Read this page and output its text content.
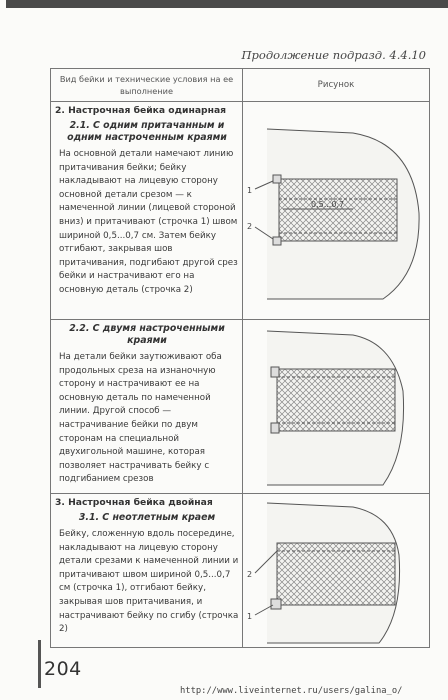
Продолжение подразд. 4.4.10
Вид бейки и технические условия на ее выполнение
Рисунок
2. Настрочная бейка одинарная
2.1. С одним притачанным и одним настроченным краями
На основной детали намечают линию притачивания бейки; бейку накладывают на лицевую сторону основной детали срезом — к намеченной линии (лицевой стороной вниз) и притачивают (строчка 1) швом шириной 0,5...0,7 см. Затем бейку отгибают, закрывая шов притачивания, подгибают другой срез бейки и настрачивают его на основную деталь (строчка 2)
2.2. С двумя настроченными краями
На детали бейки заутюживают оба продольных среза на изнаночную сторону и настрачивают ее на основную деталь по намеченной линии. Другой способ — настрачивание бейки по двум сторонам на специальной двухигольной машине, которая позволяет настрачивать бейку с подгибанием срезов
3. Настрочная бейка двойная
3.1. С неотлетным краем
Бейку, сложенную вдоль посередине, накладывают на лицевую сторону детали срезами к намеченной линии и притачивают швом шириной 0,5...0,7 см (строчка 1), отгибают бейку, закрывая шов притачивания, и настрачивают бейку по сгибу (строчка 2)
1
2
0,5...0,7
2
1
204
http://www.liveinternet.ru/users/galina_o/
